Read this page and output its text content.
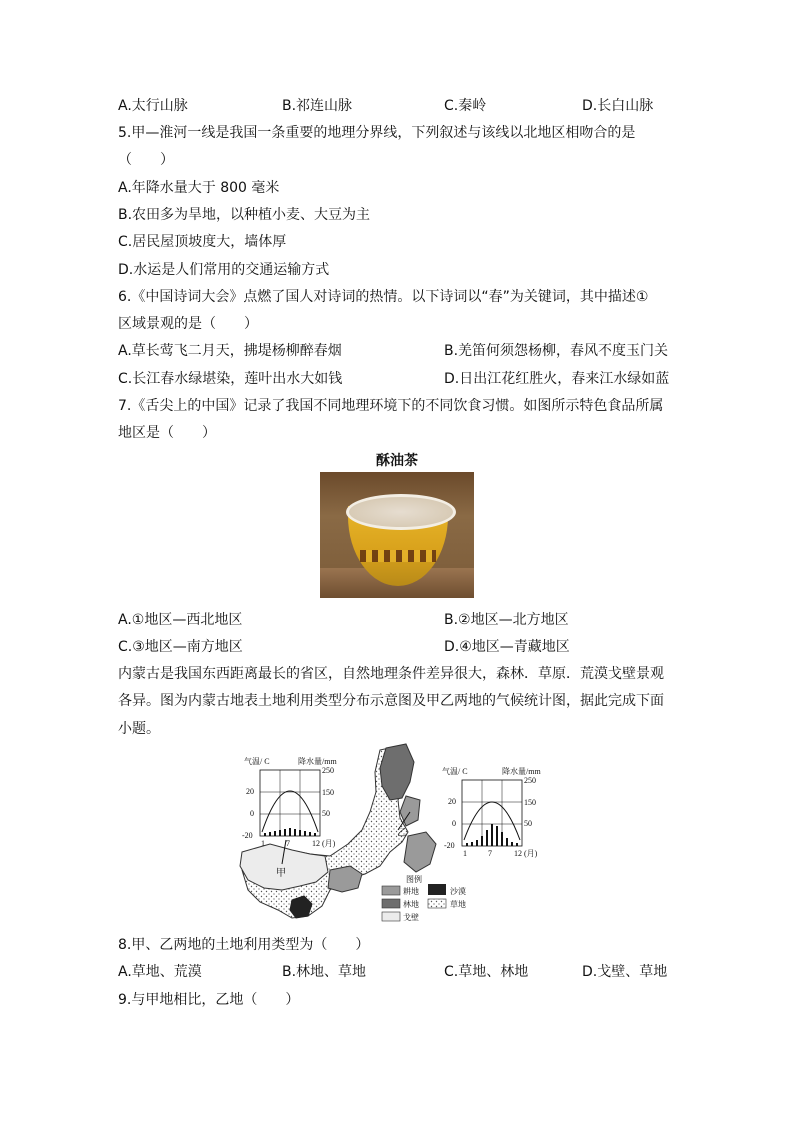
A.太行山脉	B.祁连山脉	C.秦岭	D.长白山脉
5.甲—淮河一线是我国一条重要的地理分界线，下列叙述与该线以北地区相吻合的是
（　　）
A.年降水量大于 800 毫米
B.农田多为旱地，以种植小麦、大豆为主
C.居民屋顶坡度大，墙体厚
D.水运是人们常用的交通运输方式
6.《中国诗词大会》点燃了国人对诗词的热情。以下诗词以“春”为关键词，其中描述①
区域景观的是（　　）
A.草长莺飞二月天，拂堤杨柳醉春烟	B.羌笛何须怨杨柳，春风不度玉门关
C.长江春水绿堪染，莲叶出水大如钱	D.日出江花红胜火，春来江水绿如蓝
7.《舌尖上的中国》记录了我国不同地理环境下的不同饮食习惯。如图所示特色食品所属
地区是（　　）
酥油茶
A.①地区—西北地区	B.②地区—北方地区
C.③地区—南方地区	D.④地区—青藏地区
内蒙古是我国东西距离最长的省区，自然地理条件差异很大，森林．草原．荒漠戈壁景观
各异。图为内蒙古地表土地利用类型分布示意图及甲乙两地的气候统计图，据此完成下面
小题。
甲
乙
气温/ C	降水量/mm
20
0
-20
250
150
50
1	7	12 (月)
气温/ C	降水量/mm
20
0
-20
250
150
50
1	7	12 (月)
图例
耕地	沙漠
林地	草地
戈壁
8.甲、乙两地的土地利用类型为（　　）
A.草地、荒漠	B.林地、草地	C.草地、林地	D.戈壁、草地
9.与甲地相比，乙地（　　）
